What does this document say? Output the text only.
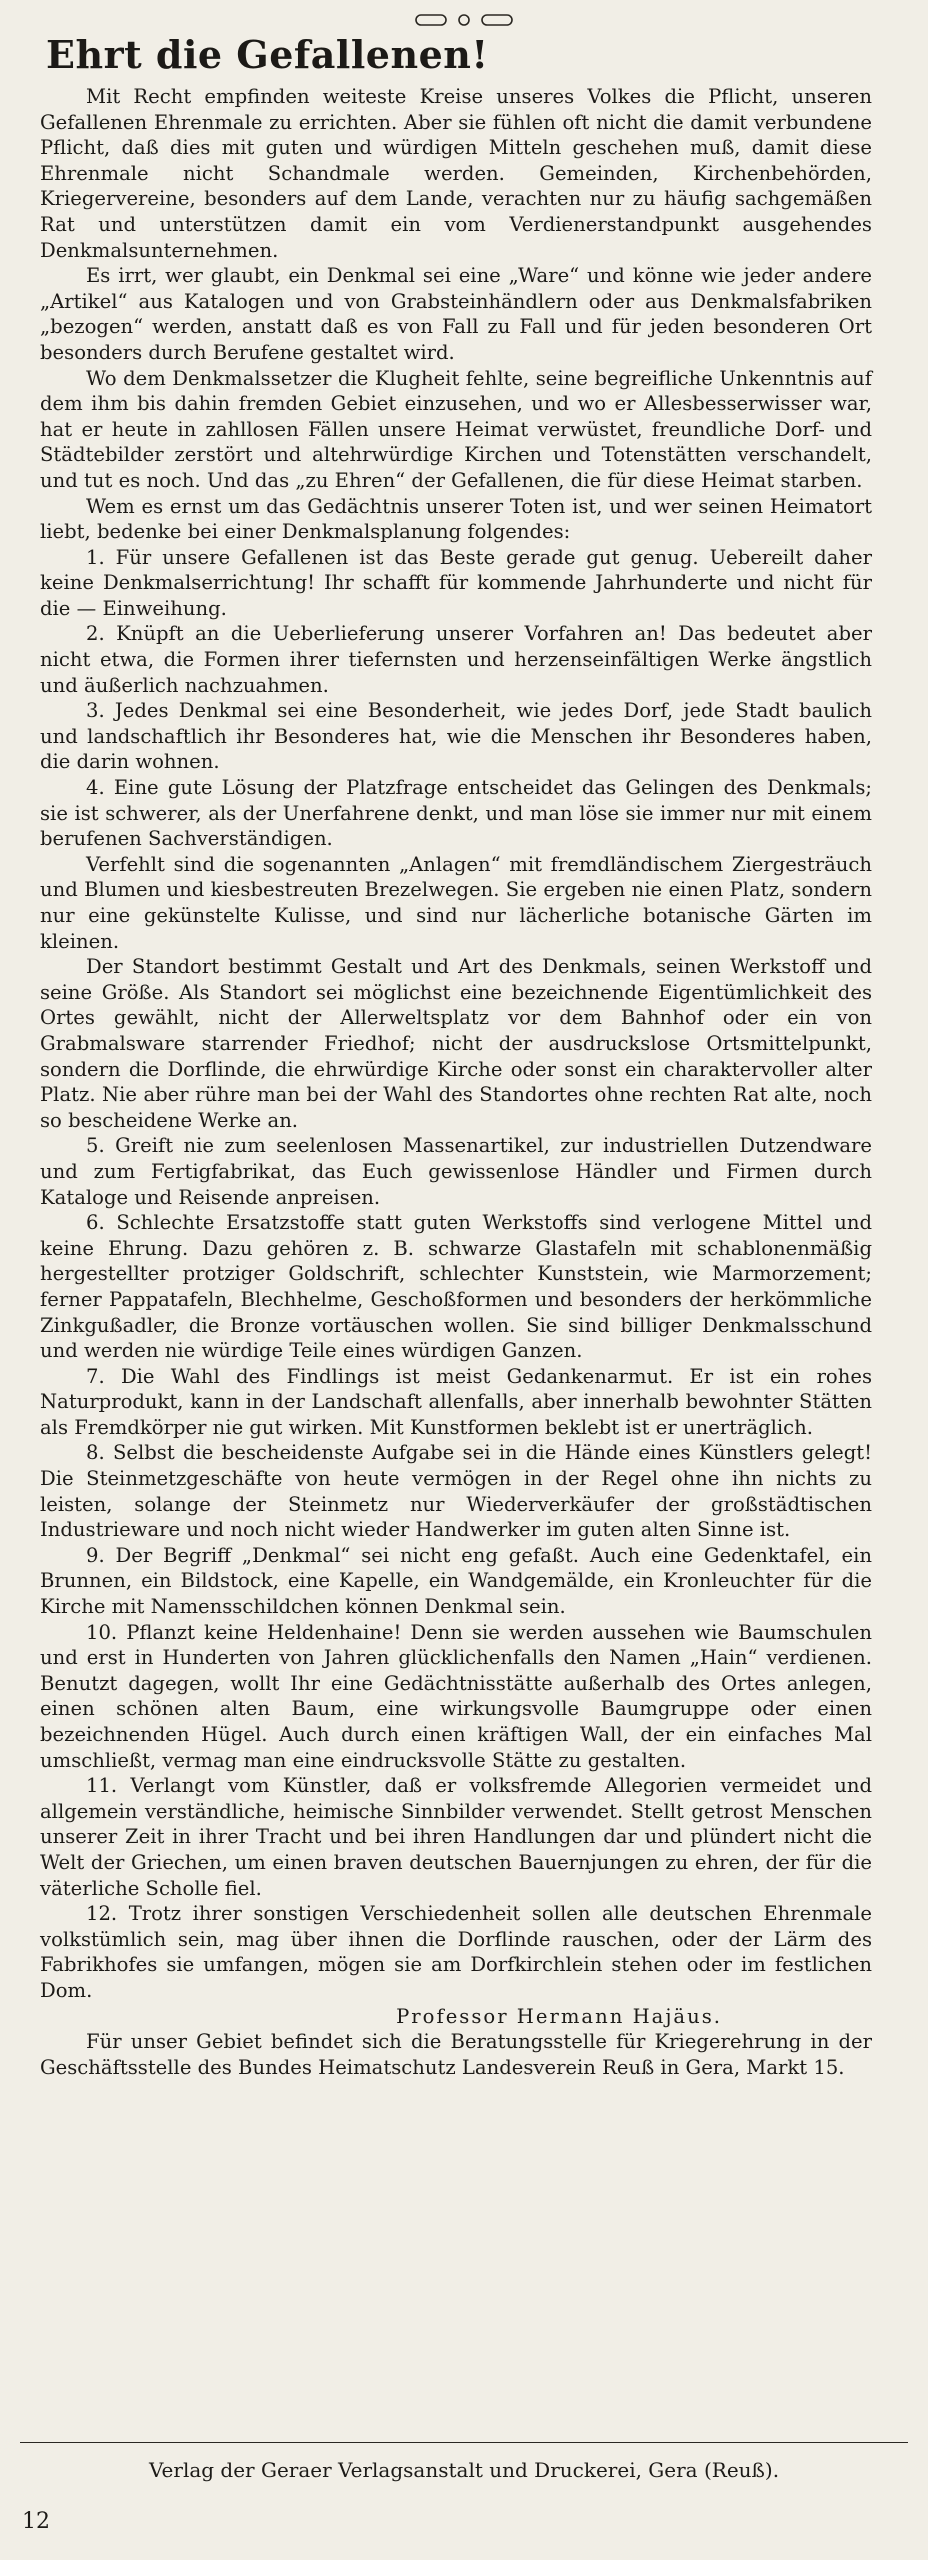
Ehrt die Gefallenen!

Mit Recht empfinden weiteste Kreise unseres Volkes die Pflicht, unseren Gefallenen Ehrenmale zu errichten. Aber sie fühlen oft nicht die damit verbundene Pflicht, daß dies mit guten und würdigen Mitteln geschehen muß, damit diese Ehrenmale nicht Schandmale werden. Gemeinden, Kirchenbehörden, Kriegervereine, besonders auf dem Lande, verachten nur zu häufig sachgemäßen Rat und unterstützen damit ein vom Verdienerstandpunkt ausgehendes Denkmalsunternehmen.

Es irrt, wer glaubt, ein Denkmal sei eine „Ware“ und könne wie jeder andere „Artikel“ aus Katalogen und von Grabsteinhändlern oder aus Denkmalsfabriken „bezogen“ werden, anstatt daß es von Fall zu Fall und für jeden besonderen Ort besonders durch Berufene gestaltet wird.

Wo dem Denkmalssetzer die Klugheit fehlte, seine begreifliche Unkenntnis auf dem ihm bis dahin fremden Gebiet einzusehen, und wo er Allesbesserwisser war, hat er heute in zahllosen Fällen unsere Heimat verwüstet, freundliche Dorf- und Städtebilder zerstört und altehrwürdige Kirchen und Totenstätten verschandelt, und tut es noch. Und das „zu Ehren“ der Gefallenen, die für diese Heimat starben.

Wem es ernst um das Gedächtnis unserer Toten ist, und wer seinen Heimatort liebt, bedenke bei einer Denkmalsplanung folgendes:

1. Für unsere Gefallenen ist das Beste gerade gut genug. Uebereilt daher keine Denkmalserrichtung! Ihr schafft für kommende Jahrhunderte und nicht für die — Einweihung.

2. Knüpft an die Ueberlieferung unserer Vorfahren an! Das bedeutet aber nicht etwa, die Formen ihrer tiefernsten und herzenseinfältigen Werke ängstlich und äußerlich nachzuahmen.

3. Jedes Denkmal sei eine Besonderheit, wie jedes Dorf, jede Stadt baulich und landschaftlich ihr Besonderes hat, wie die Menschen ihr Besonderes haben, die darin wohnen.

4. Eine gute Lösung der Platzfrage entscheidet das Gelingen des Denkmals; sie ist schwerer, als der Unerfahrene denkt, und man löse sie immer nur mit einem berufenen Sachverständigen.

Verfehlt sind die sogenannten „Anlagen“ mit fremdländischem Ziergesträuch und Blumen und kiesbestreuten Brezelwegen. Sie ergeben nie einen Platz, sondern nur eine gekünstelte Kulisse, und sind nur lächerliche botanische Gärten im kleinen.

Der Standort bestimmt Gestalt und Art des Denkmals, seinen Werkstoff und seine Größe. Als Standort sei möglichst eine bezeichnende Eigentümlichkeit des Ortes gewählt, nicht der Allerweltsplatz vor dem Bahnhof oder ein von Grabmalsware starrender Friedhof; nicht der ausdruckslose Ortsmittelpunkt, sondern die Dorflinde, die ehrwürdige Kirche oder sonst ein charaktervoller alter Platz. Nie aber rühre man bei der Wahl des Standortes ohne rechten Rat alte, noch so bescheidene Werke an.

5. Greift nie zum seelenlosen Massenartikel, zur industriellen Dutzendware und zum Fertigfabrikat, das Euch gewissenlose Händler und Firmen durch Kataloge und Reisende anpreisen.

6. Schlechte Ersatzstoffe statt guten Werkstoffs sind verlogene Mittel und keine Ehrung. Dazu gehören z. B. schwarze Glastafeln mit schablonenmäßig hergestellter protziger Goldschrift, schlechter Kunststein, wie Marmorzement; ferner Pappatafeln, Blechhelme, Geschoßformen und besonders der herkömmliche Zinkgußadler, die Bronze vortäuschen wollen. Sie sind billiger Denkmalsschund und werden nie würdige Teile eines würdigen Ganzen.

7. Die Wahl des Findlings ist meist Gedankenarmut. Er ist ein rohes Naturprodukt, kann in der Landschaft allenfalls, aber innerhalb bewohnter Stätten als Fremdkörper nie gut wirken. Mit Kunstformen beklebt ist er unerträglich.

8. Selbst die bescheidenste Aufgabe sei in die Hände eines Künstlers gelegt! Die Steinmetzgeschäfte von heute vermögen in der Regel ohne ihn nichts zu leisten, solange der Steinmetz nur Wiederverkäufer der großstädtischen Industrieware und noch nicht wieder Handwerker im guten alten Sinne ist.

9. Der Begriff „Denkmal“ sei nicht eng gefaßt. Auch eine Gedenktafel, ein Brunnen, ein Bildstock, eine Kapelle, ein Wandgemälde, ein Kronleuchter für die Kirche mit Namensschildchen können Denkmal sein.

10. Pflanzt keine Heldenhaine! Denn sie werden aussehen wie Baumschulen und erst in Hunderten von Jahren glücklichenfalls den Namen „Hain“ verdienen. Benutzt dagegen, wollt Ihr eine Gedächtnisstätte außerhalb des Ortes anlegen, einen schönen alten Baum, eine wirkungsvolle Baumgruppe oder einen bezeichnenden Hügel. Auch durch einen kräftigen Wall, der ein einfaches Mal umschließt, vermag man eine eindrucksvolle Stätte zu gestalten.

11. Verlangt vom Künstler, daß er volksfremde Allegorien vermeidet und allgemein verständliche, heimische Sinnbilder verwendet. Stellt getrost Menschen unserer Zeit in ihrer Tracht und bei ihren Handlungen dar und plündert nicht die Welt der Griechen, um einen braven deutschen Bauernjungen zu ehren, der für die väterliche Scholle fiel.

12. Trotz ihrer sonstigen Verschiedenheit sollen alle deutschen Ehrenmale volkstümlich sein, mag über ihnen die Dorflinde rauschen, oder der Lärm des Fabrikhofes sie umfangen, mögen sie am Dorfkirchlein stehen oder im festlichen Dom.

Professor Hermann Hajäus.

Für unser Gebiet befindet sich die Beratungsstelle für Kriegerehrung in der Geschäftsstelle des Bundes Heimatschutz Landesverein Reuß in Gera, Markt 15.

Verlag der Geraer Verlagsanstalt und Druckerei, Gera (Reuß).
12
